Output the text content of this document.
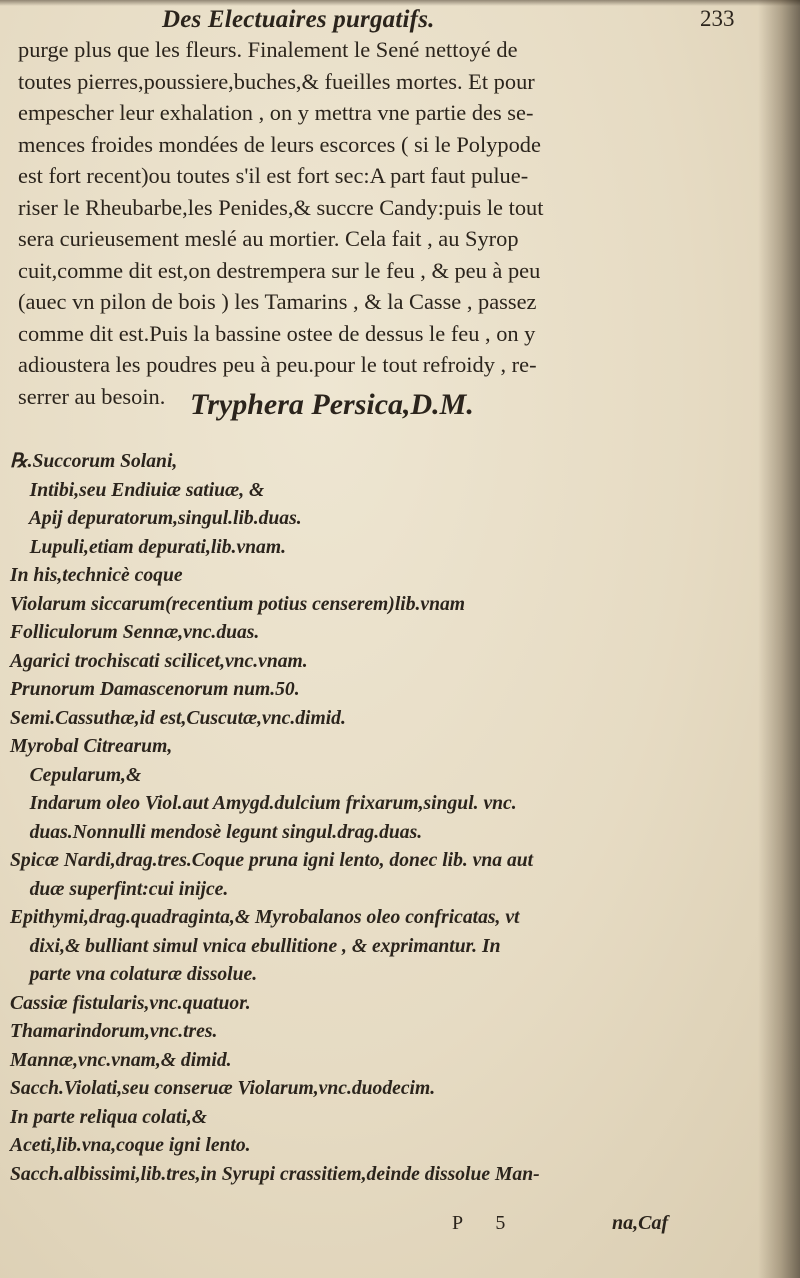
Des Electuaires purgatifs.	233
purge plus que les fleurs. Finalement le Sené nettoyé de
toutes pierres,poussiere,buches,& fueilles mortes. Et pour
empescher leur exhalation , on y mettra vne partie des se-
mences froides mondées de leurs escorces ( si le Polypode
est fort recent)ou toutes s'il est fort sec:A part faut pulue-
riser le Rheubarbe,les Penides,& succre Candy:puis le tout
sera curieusement meslé au mortier. Cela fait , au Syrop
cuit,comme dit est,on destrempera sur le feu , & peu à peu
(auec vn pilon de bois ) les Tamarins , & la Casse , passez
comme dit est.Puis la bassine ostee de dessus le feu , on y
adioustera les poudres peu à peu.pour le tout refroidy , re-
serrer au besoin. Tryphera Persica,D.M.
℞.Succorum Solani,
Intibi,seu Endiuiæ satiuæ, &
Apij depuratorum,singul.lib.duas.
Lupuli,etiam depurati,lib.vnam.
In his,technicè coque
Violarum siccarum(recentium potius censerem)lib.vnam
Folliculorum Sennæ,vnc.duas.
Agarici trochiscati scilicet,vnc.vnam.
Prunorum Damascenorum num.50.
Semi.Cassuthæ,id est,Cuscutæ,vnc.dimid.
Myrobal Citrearum,
Cepularum,&
Indarum oleo Viol.aut Amygd.dulcium frixarum,singul. vnc.
duas.Nonnulli mendosè legunt singul.drag.duas.
Spicæ Nardi,drag.tres.Coque pruna igni lento, donec lib. vna aut
duæ superfint:cui inijce.
Epithymi,drag.quadraginta,& Myrobalanos oleo confricatas, vt
dixi,& bulliant simul vnica ebullitione , & exprimantur. In
parte vna colaturæ dissolue.
Cassiæ fistularis,vnc.quatuor.
Thamarindorum,vnc.tres.
Mannæ,vnc.vnam,& dimid.
Sacch.Violati,seu conseruæ Violarum,vnc.duodecim.
In parte reliqua colati,&
Aceti,lib.vna,coque igni lento.
Sacch.albissimi,lib.tres,in Syrupi crassitiem,deinde dissolue Man-
P 5	na,Caf
